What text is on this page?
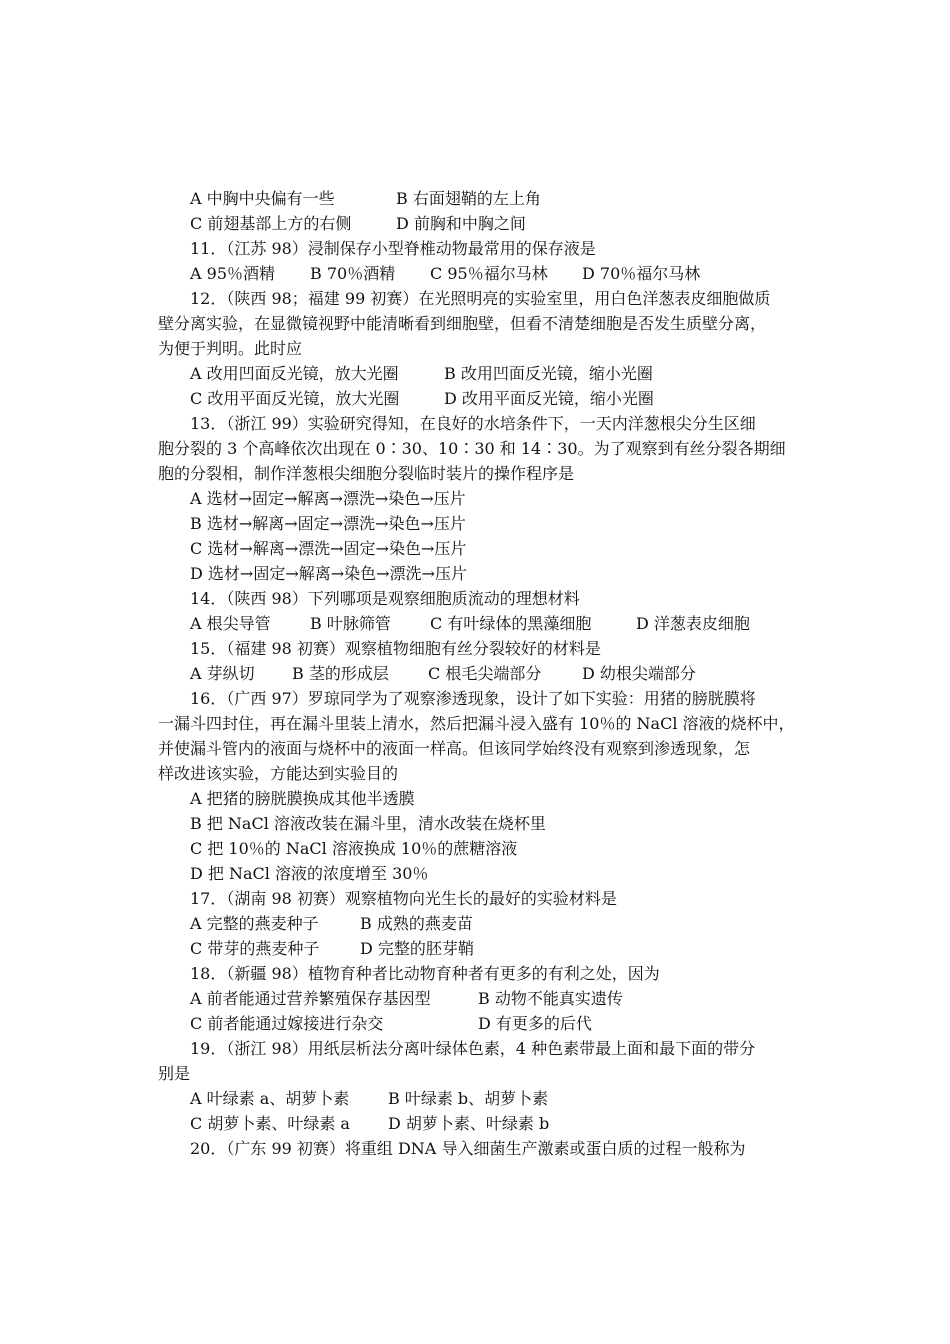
A 中胸中央偏有一些	B 右面翅鞘的左上角
C 前翅基部上方的右侧	D 前胸和中胸之间
11．（江苏 98）浸制保存小型脊椎动物最常用的保存液是
A 95％酒精 B 70％酒精 C 95％福尔马林 D 70％福尔马林
12．（陕西 98；福建 99 初赛）在光照明亮的实验室里，用白色洋葱表皮细胞做质
壁分离实验，在显微镜视野中能清晰看到细胞壁，但看不清楚细胞是否发生质壁分离，
为便于判明。此时应
A 改用凹面反光镜，放大光圈	B 改用凹面反光镜，缩小光圈
C 改用平面反光镜，放大光圈	D 改用平面反光镜，缩小光圈
13．（浙江 99）实验研究得知，在良好的水培条件下，一天内洋葱根尖分生区细
胞分裂的 3 个高峰依次出现在 0∶30、10∶30 和 14∶30。为了观察到有丝分裂各期细
胞的分裂相，制作洋葱根尖细胞分裂临时装片的操作程序是
A 选材→固定→解离→漂洗→染色→压片
B 选材→解离→固定→漂洗→染色→压片
C 选材→解离→漂洗→固定→染色→压片
D 选材→固定→解离→染色→漂洗→压片
14．（陕西 98）下列哪项是观察细胞质流动的理想材料
A 根尖导管 B 叶脉筛管 C 有叶绿体的黑藻细胞	D 洋葱表皮细胞
15．（福建 98 初赛）观察植物细胞有丝分裂较好的材料是
A 芽纵切 B 茎的形成层 C 根毛尖端部分	D 幼根尖端部分
16．（广西 97）罗琼同学为了观察渗透现象，设计了如下实验：用猪的膀胱膜将
一漏斗四封住，再在漏斗里装上清水，然后把漏斗浸入盛有 10％的 NaCl 溶液的烧杯中，
并使漏斗管内的液面与烧杯中的液面一样高。但该同学始终没有观察到渗透现象，怎
样改进该实验，方能达到实验目的
A 把猪的膀胱膜换成其他半透膜
B 把 NaCl 溶液改装在漏斗里，清水改装在烧杯里
C 把 10％的 NaCl 溶液换成 10％的蔗糖溶液
D 把 NaCl 溶液的浓度增至 30％
17．（湖南 98 初赛）观察植物向光生长的最好的实验材料是
A 完整的燕麦种子	B 成熟的燕麦苗
C 带芽的燕麦种子	D 完整的胚芽鞘
18．（新疆 98）植物育种者比动物育种者有更多的有利之处，因为
A 前者能通过营养繁殖保存基因型	B 动物不能真实遗传
C 前者能通过嫁接进行杂交	D 有更多的后代
19．（浙江 98）用纸层析法分离叶绿体色素，4 种色素带最上面和最下面的带分
别是
A 叶绿素 a、胡萝卜素 B 叶绿素 b、胡萝卜素
C 胡萝卜素、叶绿素 a D 胡萝卜素、叶绿素 b
20．（广东 99 初赛）将重组 DNA 导入细菌生产激素或蛋白质的过程一般称为
